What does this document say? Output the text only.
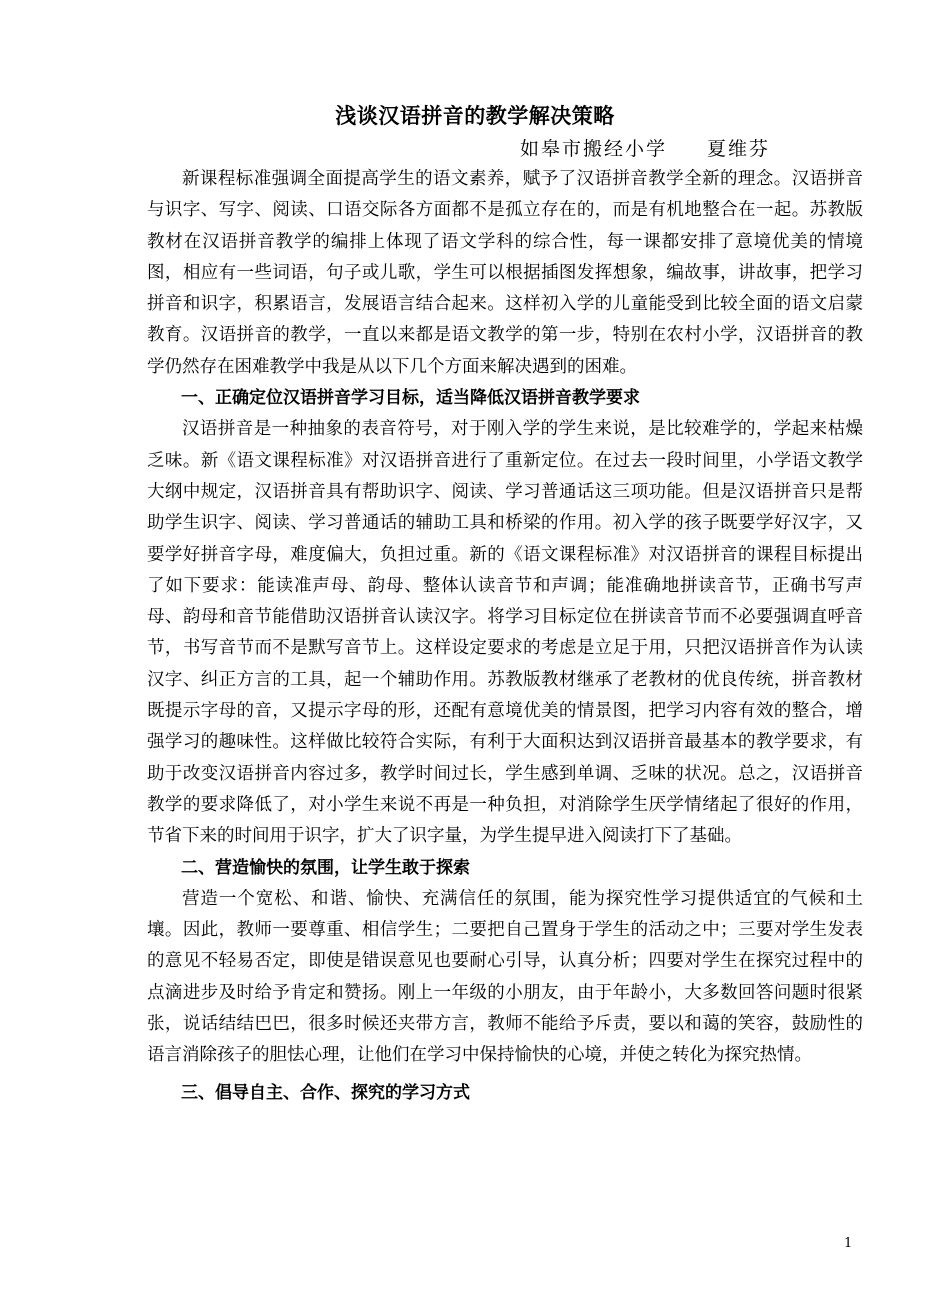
浅谈汉语拼音的教学解决策略
如皋市搬经小学 夏维芬

新课程标准强调全面提高学生的语文素养，赋予了汉语拼音教学全新的理念。汉语拼音与识字、写字、阅读、口语交际各方面都不是孤立存在的，而是有机地整合在一起。苏教版教材在汉语拼音教学的编排上体现了语文学科的综合性，每一课都安排了意境优美的情境图，相应有一些词语，句子或儿歌，学生可以根据插图发挥想象，编故事，讲故事，把学习拼音和识字，积累语言，发展语言结合起来。这样初入学的儿童能受到比较全面的语文启蒙教育。汉语拼音的教学，一直以来都是语文教学的第一步，特别在农村小学，汉语拼音的教学仍然存在困难教学中我是从以下几个方面来解决遇到的困难。

一、正确定位汉语拼音学习目标，适当降低汉语拼音教学要求

汉语拼音是一种抽象的表音符号，对于刚入学的学生来说，是比较难学的，学起来枯燥乏味。新《语文课程标准》对汉语拼音进行了重新定位。在过去一段时间里，小学语文教学大纲中规定，汉语拼音具有帮助识字、阅读、学习普通话这三项功能。但是汉语拼音只是帮助学生识字、阅读、学习普通话的辅助工具和桥梁的作用。初入学的孩子既要学好汉字，又要学好拼音字母，难度偏大，负担过重。新的《语文课程标准》对汉语拼音的课程目标提出了如下要求：能读准声母、韵母、整体认读音节和声调；能准确地拼读音节，正确书写声母、韵母和音节能借助汉语拼音认读汉字。将学习目标定位在拼读音节而不必要强调直呼音节，书写音节而不是默写音节上。这样设定要求的考虑是立足于用，只把汉语拼音作为认读汉字、纠正方言的工具，起一个辅助作用。苏教版教材继承了老教材的优良传统，拼音教材既提示字母的音，又提示字母的形，还配有意境优美的情景图，把学习内容有效的整合，增强学习的趣味性。这样做比较符合实际，有利于大面积达到汉语拼音最基本的教学要求，有助于改变汉语拼音内容过多，教学时间过长，学生感到单调、乏味的状况。总之，汉语拼音教学的要求降低了，对小学生来说不再是一种负担，对消除学生厌学情绪起了很好的作用，节省下来的时间用于识字，扩大了识字量，为学生提早进入阅读打下了基础。

二、营造愉快的氛围，让学生敢于探索

营造一个宽松、和谐、愉快、充满信任的氛围，能为探究性学习提供适宜的气候和土壤。因此，教师一要尊重、相信学生；二要把自己置身于学生的活动之中；三要对学生发表的意见不轻易否定，即使是错误意见也要耐心引导，认真分析；四要对学生在探究过程中的点滴进步及时给予肯定和赞扬。刚上一年级的小朋友，由于年龄小，大多数回答问题时很紧张，说话结结巴巴，很多时候还夹带方言，教师不能给予斥责，要以和蔼的笑容，鼓励性的语言消除孩子的胆怯心理，让他们在学习中保持愉快的心境，并使之转化为探究热情。

三、倡导自主、合作、探究的学习方式

1
